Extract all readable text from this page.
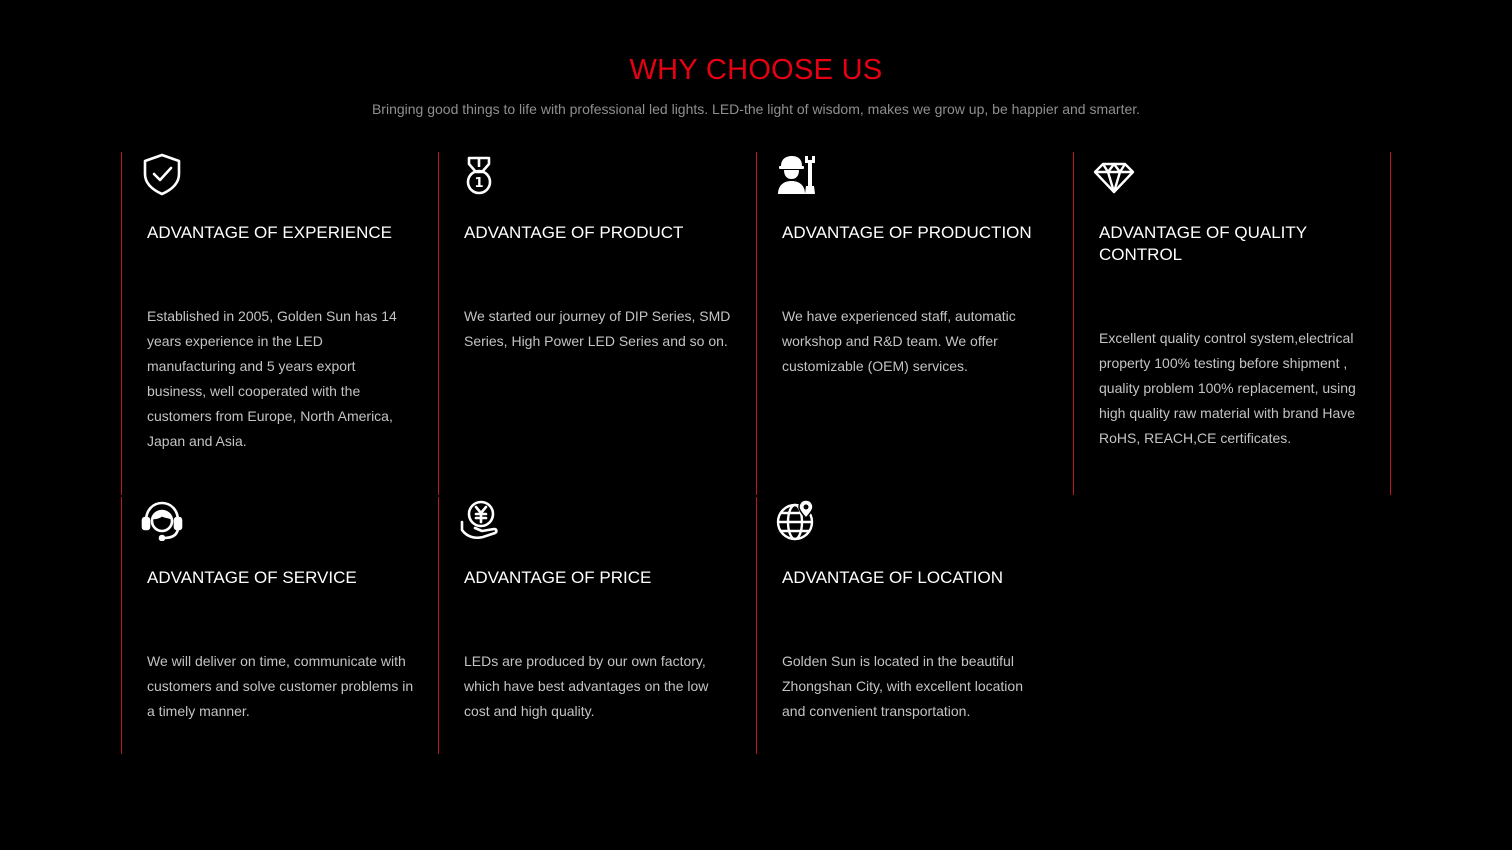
WHY CHOOSE US

Bringing good things to life with professional led lights. LED-the light of wisdom, makes we grow up, be happier and smarter.

ADVANTAGE OF EXPERIENCE
Established in 2005, Golden Sun has 14 years experience in the LED manufacturing and 5 years export business, well cooperated with the customers from Europe, North America, Japan and Asia.
1
ADVANTAGE OF PRODUCT
We started our journey of DIP Series, SMD Series, High Power LED Series and so on.
ADVANTAGE OF PRODUCTION
We have experienced staff, automatic workshop and R&D team. We offer customizable (OEM) services.
ADVANTAGE OF QUALITY CONTROL
Excellent quality control system,electrical property 100% testing before shipment , quality problem 100% replacement, using high quality raw material with brand Have RoHS, REACH,CE certificates.
ADVANTAGE OF SERVICE
We will deliver on time, communicate with customers and solve customer problems in a timely manner.
ADVANTAGE OF PRICE
LEDs are produced by our own factory, which have best advantages on the low cost and high quality.
ADVANTAGE OF LOCATION
Golden Sun is located in the beautiful Zhongshan City, with excellent location and convenient transportation.
